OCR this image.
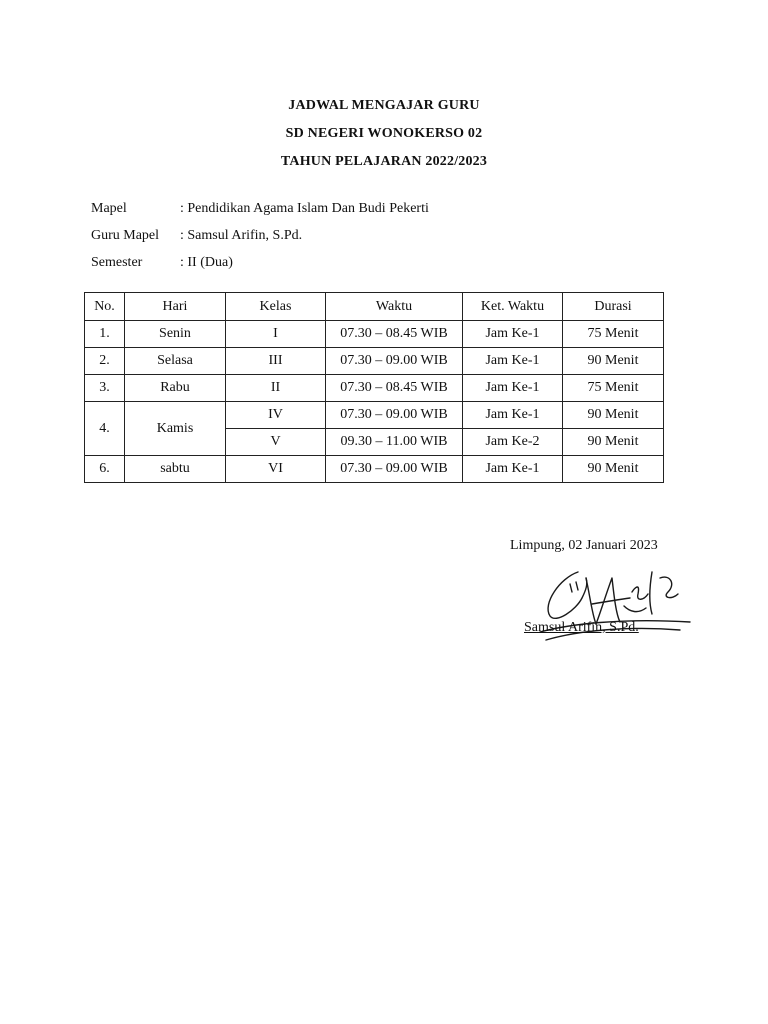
JADWAL MENGAJAR GURU
SD NEGERI WONOKERSO 02
TAHUN PELAJARAN 2022/2023
Mapel	: Pendidikan Agama Islam Dan Budi Pekerti
Guru Mapel	: Samsul Arifin, S.Pd.
Semester	: II (Dua)
No.	Hari	Kelas	Waktu	Ket. Waktu	Durasi
1.	Senin	I	07.30 – 08.45 WIB	Jam Ke-1	75 Menit
2.	Selasa	III	07.30 – 09.00 WIB	Jam Ke-1	90 Menit
3.	Rabu	II	07.30 – 08.45 WIB	Jam Ke-1	75 Menit
4.	Kamis	IV	07.30 – 09.00 WIB	Jam Ke-1	90 Menit
		V	09.30 – 11.00 WIB	Jam Ke-2	90 Menit
6.	sabtu	VI	07.30 – 09.00 WIB	Jam Ke-1	90 Menit
Limpung, 02 Januari 2023
Samsul Arifin, S.Pd.
